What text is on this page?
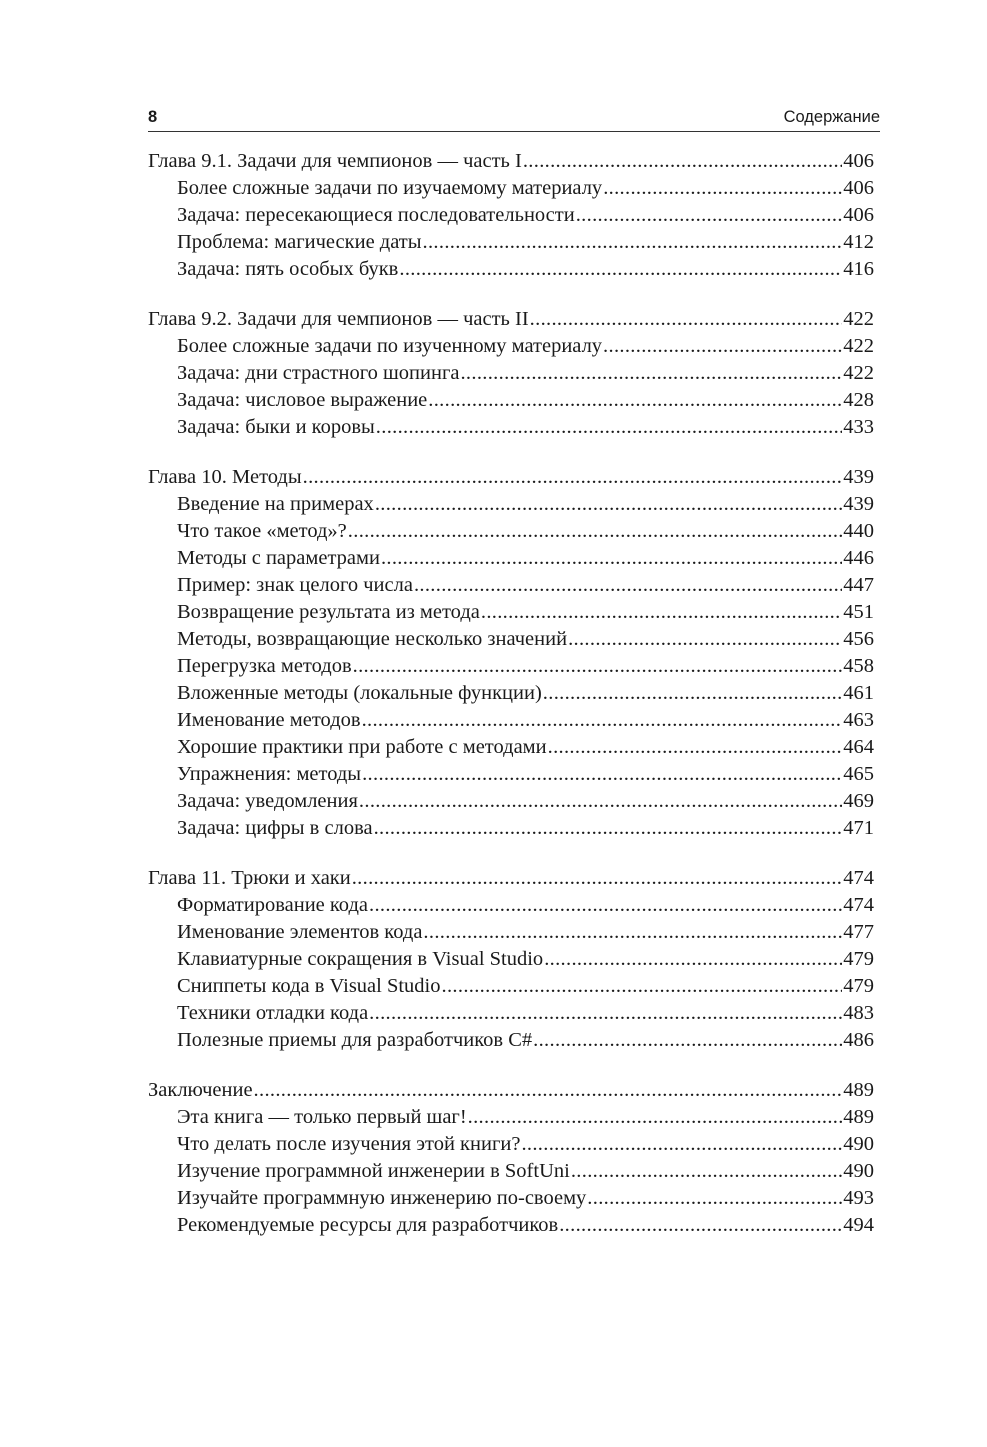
8	Содержание
Глава 9.1. Задачи для чемпионов — часть I . . .	406
Более сложные задачи по изучаемому материалу . . .	406
Задача: пересекающиеся последовательности . . .	406
Проблема: магические даты . . .	412
Задача: пять особых букв . . .	416
Глава 9.2. Задачи для чемпионов — часть II . . .	422
Более сложные задачи по изученному материалу . . .	422
Задача: дни страстного шопинга . . .	422
Задача: числовое выражение . . .	428
Задача: быки и коровы . . .	433
Глава 10. Методы . . .	439
Введение на примерах . . .	439
Что такое «метод»? . . .	440
Методы с параметрами . . .	446
Пример: знак целого числа . . .	447
Возвращение результата из метода . . .	451
Методы, возвращающие несколько значений . . .	456
Перегрузка методов . . .	458
Вложенные методы (локальные функции) . . .	461
Именование методов . . .	463
Хорошие практики при работе с методами . . .	464
Упражнения: методы . . .	465
Задача: уведомления . . .	469
Задача: цифры в слова . . .	471
Глава 11. Трюки и хаки . . .	474
Форматирование кода . . .	474
Именование элементов кода . . .	477
Клавиатурные сокращения в Visual Studio . . .	479
Сниппеты кода в Visual Studio . . .	479
Техники отладки кода . . .	483
Полезные приемы для разработчиков C# . . .	486
Заключение . . .	489
Эта книга — только первый шаг! . . .	489
Что делать после изучения этой книги? . . .	490
Изучение программной инженерии в SoftUni . . .	490
Изучайте программную инженерию по-своему . . .	493
Рекомендуемые ресурсы для разработчиков . . .	494
